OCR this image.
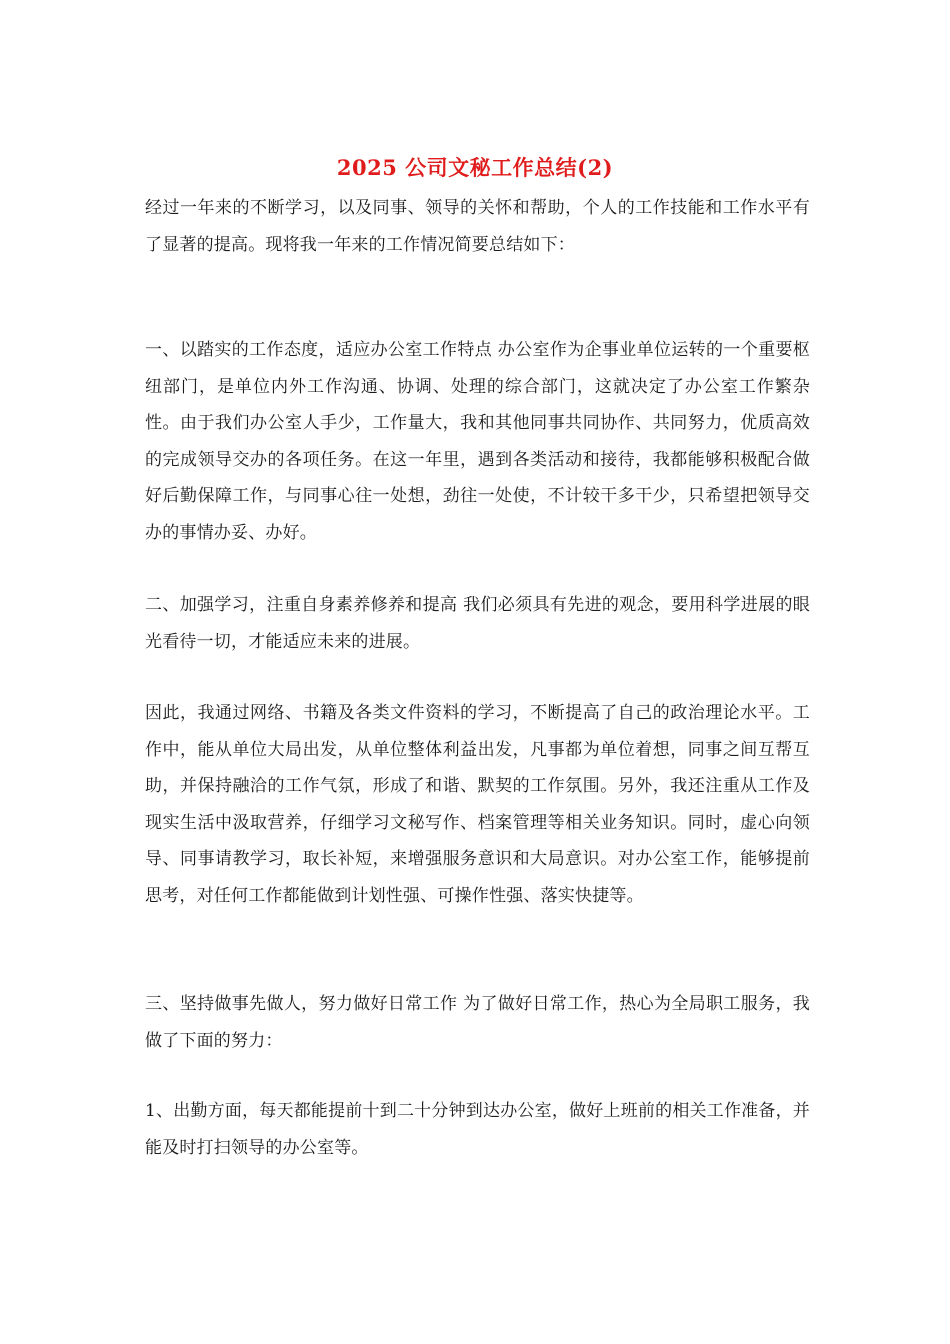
2025 公司文秘工作总结(2)

经过一年来的不断学习，以及同事、领导的关怀和帮助，个人的工作技能和工作水平有了显著的提高。现将我一年来的工作情况简要总结如下：

一、以踏实的工作态度，适应办公室工作特点 办公室作为企事业单位运转的一个重要枢纽部门，是单位内外工作沟通、协调、处理的综合部门，这就决定了办公室工作繁杂性。由于我们办公室人手少，工作量大，我和其他同事共同协作、共同努力，优质高效的完成领导交办的各项任务。在这一年里，遇到各类活动和接待，我都能够积极配合做好后勤保障工作，与同事心往一处想，劲往一处使，不计较干多干少，只希望把领导交办的事情办妥、办好。

二、加强学习，注重自身素养修养和提高 我们必须具有先进的观念，要用科学进展的眼光看待一切，才能适应未来的进展。

因此，我通过网络、书籍及各类文件资料的学习，不断提高了自己的政治理论水平。工作中，能从单位大局出发，从单位整体利益出发，凡事都为单位着想，同事之间互帮互助，并保持融洽的工作气氛，形成了和谐、默契的工作氛围。另外，我还注重从工作及现实生活中汲取营养，仔细学习文秘写作、档案管理等相关业务知识。同时，虚心向领导、同事请教学习，取长补短，来增强服务意识和大局意识。对办公室工作，能够提前思考，对任何工作都能做到计划性强、可操作性强、落实快捷等。

三、坚持做事先做人，努力做好日常工作 为了做好日常工作，热心为全局职工服务，我做了下面的努力：

1、出勤方面，每天都能提前十到二十分钟到达办公室，做好上班前的相关工作准备，并能及时打扫领导的办公室等。
